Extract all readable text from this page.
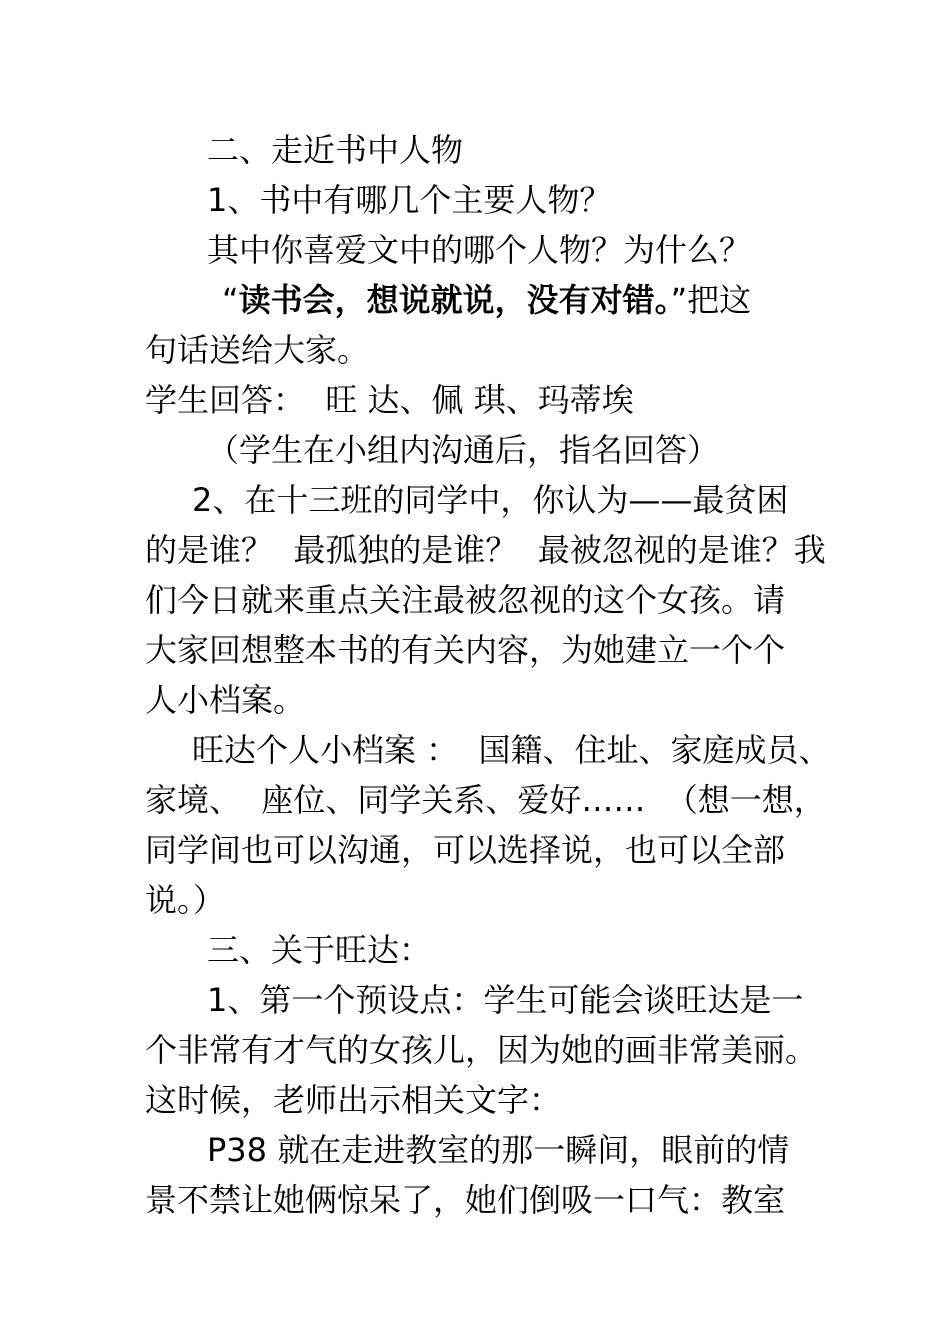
二、走近书中人物
1、书中有哪几个主要人物？
其中你喜爱文中的哪个人物？为什么？
“读书会，想说就说，没有对错。”把这
句话送给大家。
学生回答：  旺 达、佩 琪、玛蒂埃
（学生在小组内沟通后，指名回答）
2、在十三班的同学中，你认为——最贫困
的是谁？  最孤独的是谁？  最被忽视的是谁？我
们今日就来重点关注最被忽视的这个女孩。请
大家回想整本书的有关内容，为她建立一个个
人小档案。
旺达个人小档案 ：  国籍、住址、家庭成员、
家境、  座位、同学关系、爱好……  （想一想，
同学间也可以沟通，可以选择说，也可以全部
说。）
三、关于旺达：
1、第一个预设点：学生可能会谈旺达是一
个非常有才气的女孩儿，因为她的画非常美丽。
这时候，老师出示相关文字：
P38 就在走进教室的那一瞬间，眼前的情
景不禁让她俩惊呆了，她们倒吸一口气：教室
